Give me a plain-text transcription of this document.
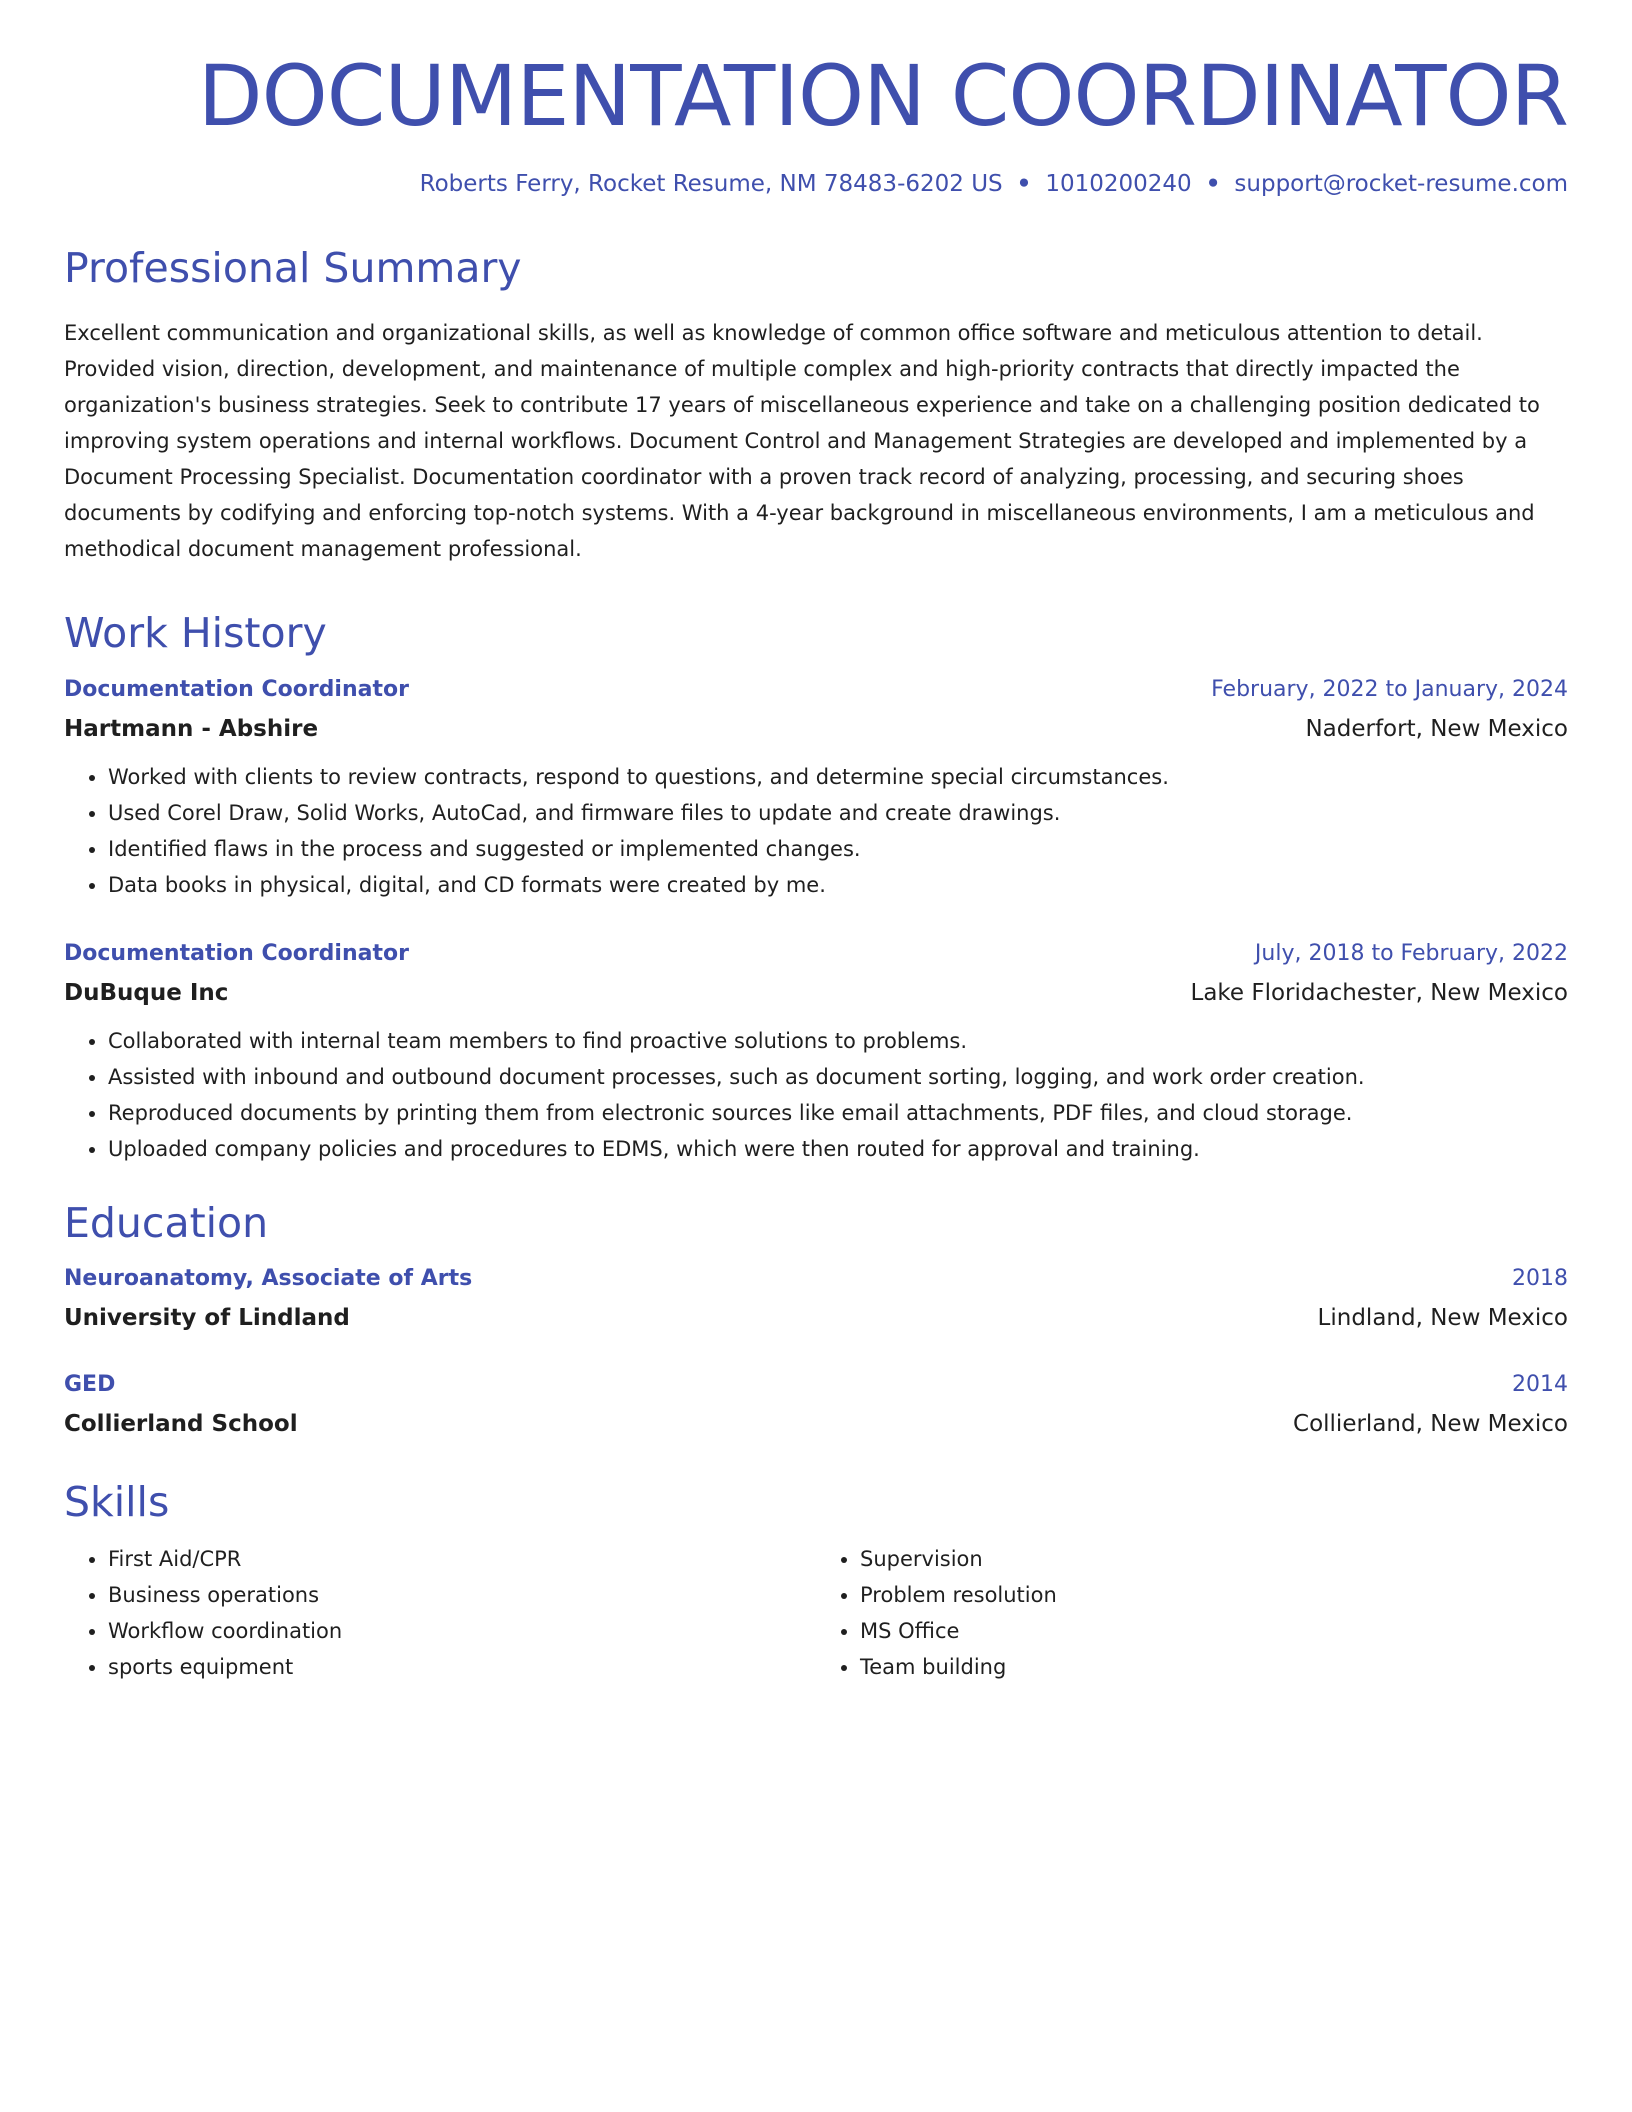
DOCUMENTATION COORDINATOR
Roberts Ferry, Rocket Resume, NM 78483-6202 US • 1010200240 • support@rocket-resume.com
Professional Summary
Excellent communication and organizational skills, as well as knowledge of common office software and meticulous attention to detail. Provided vision, direction, development, and maintenance of multiple complex and high-priority contracts that directly impacted the organization's business strategies. Seek to contribute 17 years of miscellaneous experience and take on a challenging position dedicated to improving system operations and internal workflows. Document Control and Management Strategies are developed and implemented by a Document Processing Specialist. Documentation coordinator with a proven track record of analyzing, processing, and securing shoes documents by codifying and enforcing top-notch systems. With a 4-year background in miscellaneous environments, I am a meticulous and methodical document management professional.
Work History
Documentation Coordinator	February, 2022 to January, 2024
Hartmann - Abshire	Naderfort, New Mexico
• Worked with clients to review contracts, respond to questions, and determine special circumstances.
• Used Corel Draw, Solid Works, AutoCad, and firmware files to update and create drawings.
• Identified flaws in the process and suggested or implemented changes.
• Data books in physical, digital, and CD formats were created by me.
Documentation Coordinator	July, 2018 to February, 2022
DuBuque Inc	Lake Floridachester, New Mexico
• Collaborated with internal team members to find proactive solutions to problems.
• Assisted with inbound and outbound document processes, such as document sorting, logging, and work order creation.
• Reproduced documents by printing them from electronic sources like email attachments, PDF files, and cloud storage.
• Uploaded company policies and procedures to EDMS, which were then routed for approval and training.
Education
Neuroanatomy, Associate of Arts	2018
University of Lindland	Lindland, New Mexico
GED	2014
Collierland School	Collierland, New Mexico
Skills
• First Aid/CPR
• Business operations
• Workflow coordination
• sports equipment
• Supervision
• Problem resolution
• MS Office
• Team building
